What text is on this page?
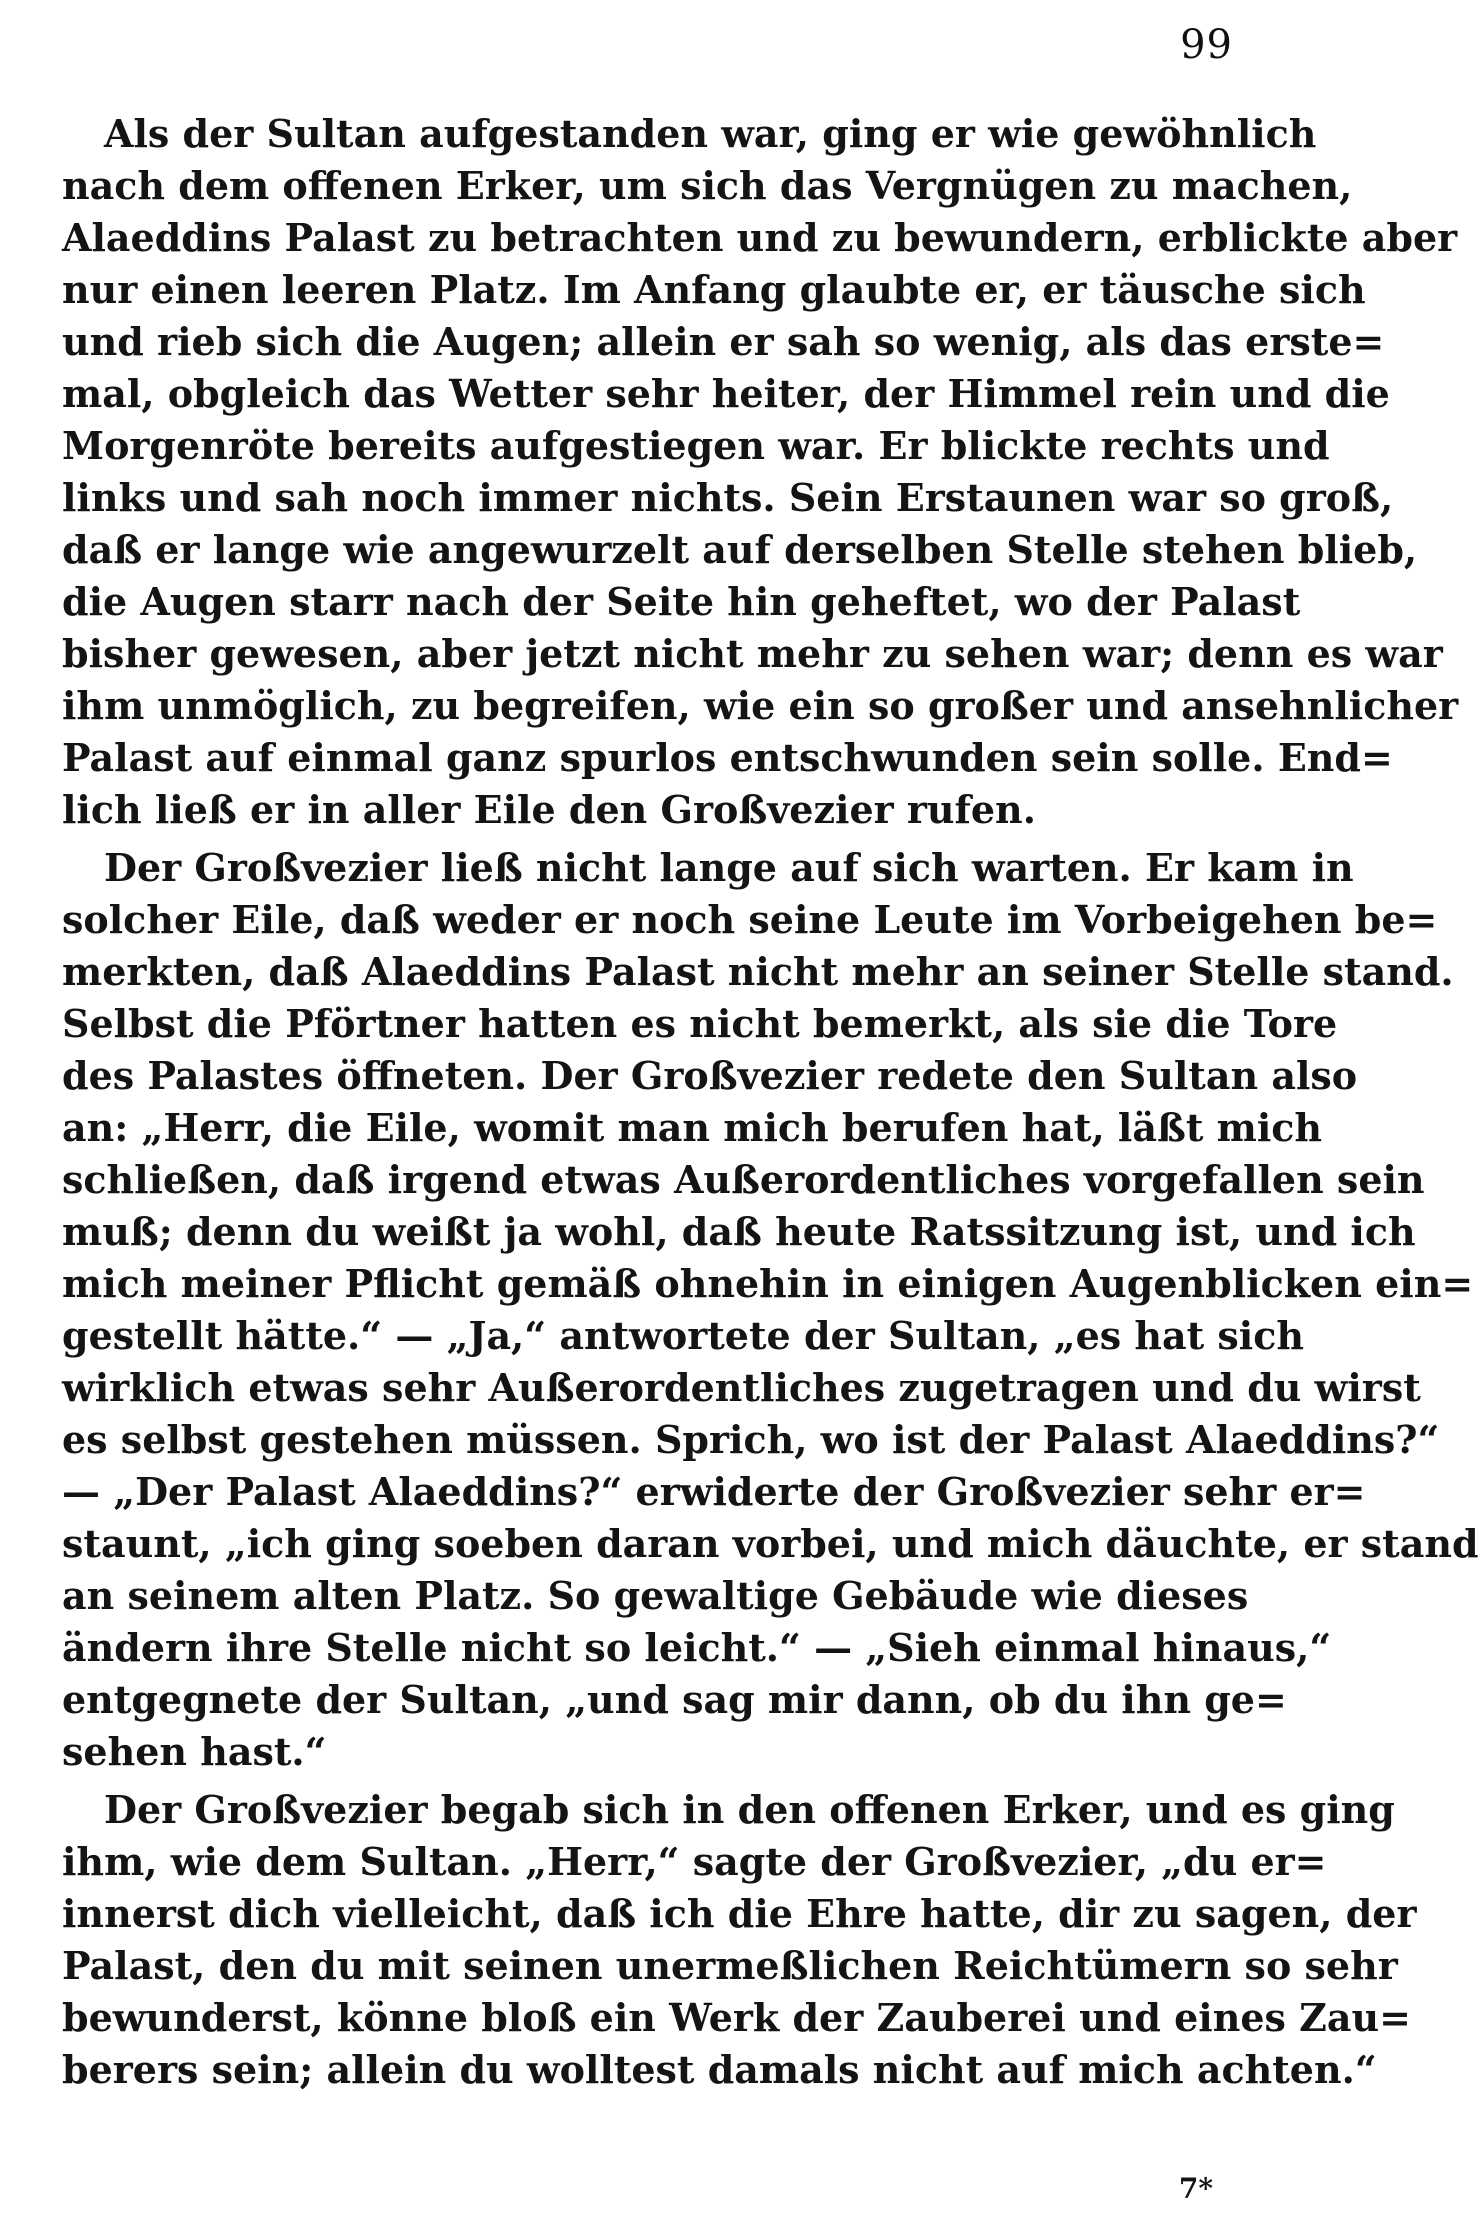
99
Als der Sultan aufgestanden war, ging er wie gewöhnlich
nach dem offenen Erker, um sich das Vergnügen zu machen,
Alaeddins Palast zu betrachten und zu bewundern, erblickte aber
nur einen leeren Platz. Im Anfang glaubte er, er täusche sich
und rieb sich die Augen; allein er sah so wenig, als das erste=
mal, obgleich das Wetter sehr heiter, der Himmel rein und die
Morgenröte bereits aufgestiegen war. Er blickte rechts und
links und sah noch immer nichts. Sein Erstaunen war so groß,
daß er lange wie angewurzelt auf derselben Stelle stehen blieb,
die Augen starr nach der Seite hin geheftet, wo der Palast
bisher gewesen, aber jetzt nicht mehr zu sehen war; denn es war
ihm unmöglich, zu begreifen, wie ein so großer und ansehnlicher
Palast auf einmal ganz spurlos entschwunden sein solle. End=
lich ließ er in aller Eile den Großvezier rufen.
Der Großvezier ließ nicht lange auf sich warten. Er kam in
solcher Eile, daß weder er noch seine Leute im Vorbeigehen be=
merkten, daß Alaeddins Palast nicht mehr an seiner Stelle stand.
Selbst die Pförtner hatten es nicht bemerkt, als sie die Tore
des Palastes öffneten. Der Großvezier redete den Sultan also
an: „Herr, die Eile, womit man mich berufen hat, läßt mich
schließen, daß irgend etwas Außerordentliches vorgefallen sein
muß; denn du weißt ja wohl, daß heute Ratssitzung ist, und ich
mich meiner Pflicht gemäß ohnehin in einigen Augenblicken ein=
gestellt hätte.“ — „Ja,“ antwortete der Sultan, „es hat sich
wirklich etwas sehr Außerordentliches zugetragen und du wirst
es selbst gestehen müssen. Sprich, wo ist der Palast Alaeddins?“
— „Der Palast Alaeddins?“ erwiderte der Großvezier sehr er=
staunt, „ich ging soeben daran vorbei, und mich däuchte, er stand
an seinem alten Platz. So gewaltige Gebäude wie dieses
ändern ihre Stelle nicht so leicht.“ — „Sieh einmal hinaus,“
entgegnete der Sultan, „und sag mir dann, ob du ihn ge=
sehen hast.“
Der Großvezier begab sich in den offenen Erker, und es ging
ihm, wie dem Sultan. „Herr,“ sagte der Großvezier, „du er=
innerst dich vielleicht, daß ich die Ehre hatte, dir zu sagen, der
Palast, den du mit seinen unermeßlichen Reichtümern so sehr
bewunderst, könne bloß ein Werk der Zauberei und eines Zau=
berers sein; allein du wolltest damals nicht auf mich achten.“
7*
